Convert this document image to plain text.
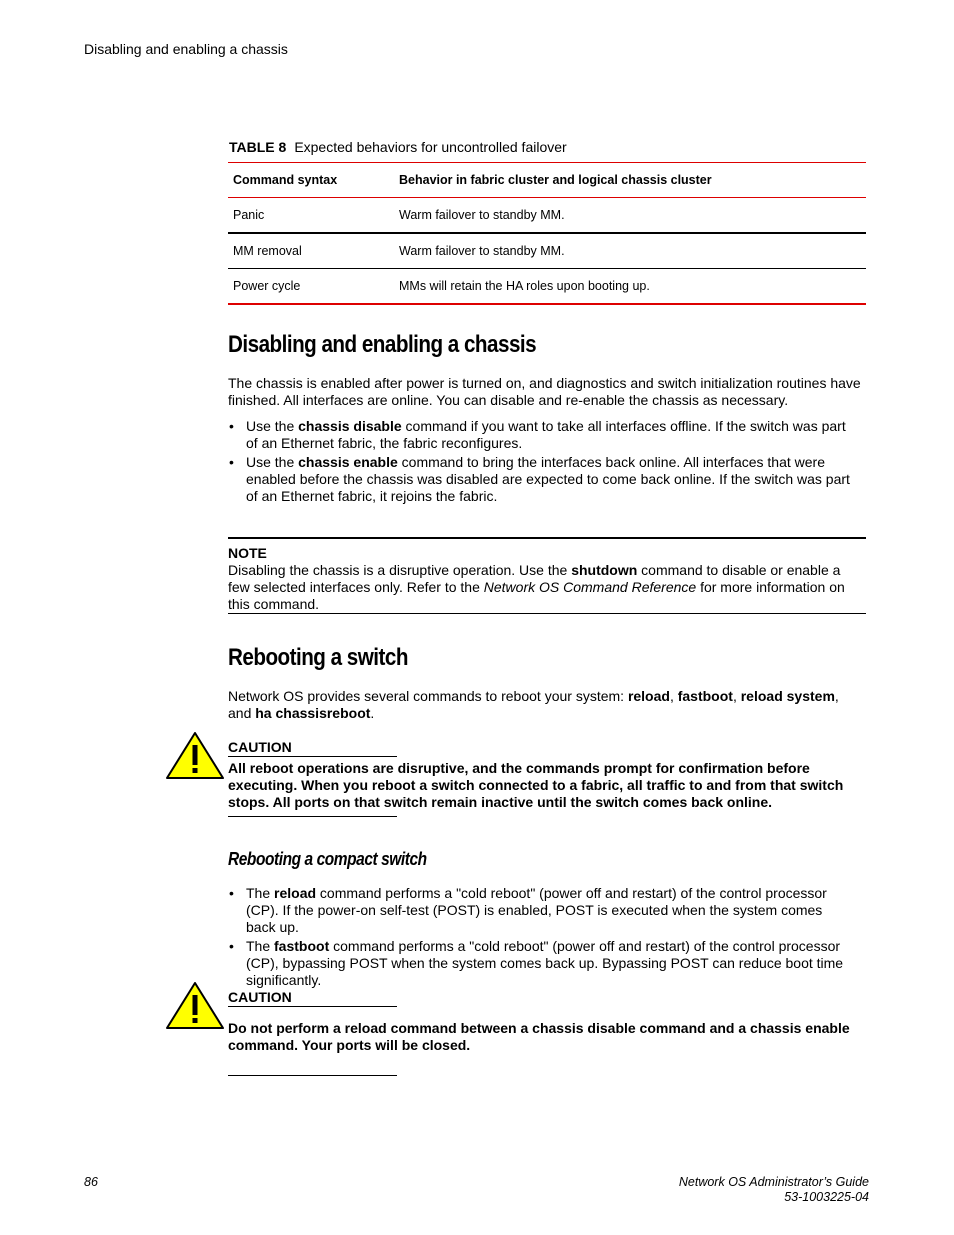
Disabling and enabling a chassis
TABLE 8 Expected behaviors for uncontrolled failover
Command syntax	Behavior in fabric cluster and logical chassis cluster
Panic	Warm failover to standby MM.
MM removal	Warm failover to standby MM.
Power cycle	MMs will retain the HA roles upon booting up.
Disabling and enabling a chassis

The chassis is enabled after power is turned on, and diagnostics and switch initialization routines have finished. All interfaces are online. You can disable and re-enable the chassis as necessary.

• Use the chassis disable command if you want to take all interfaces offline. If the switch was part of an Ethernet fabric, the fabric reconfigures.
• Use the chassis enable command to bring the interfaces back online. All interfaces that were enabled before the chassis was disabled are expected to come back online. If the switch was part of an Ethernet fabric, it rejoins the fabric.
NOTE
Disabling the chassis is a disruptive operation. Use the shutdown command to disable or enable a few selected interfaces only. Refer to the Network OS Command Reference for more information on this command.
Rebooting a switch

Network OS provides several commands to reboot your system: reload, fastboot, reload system, and ha chassisreboot.

CAUTION
All reboot operations are disruptive, and the commands prompt for confirmation before executing. When you reboot a switch connected to a fabric, all traffic to and from that switch stops. All ports on that switch remain inactive until the switch comes back online.
Rebooting a compact switch
• The reload command performs a "cold reboot" (power off and restart) of the control processor (CP). If the power-on self-test (POST) is enabled, POST is executed when the system comes back up.
• The fastboot command performs a "cold reboot" (power off and restart) of the control processor (CP), bypassing POST when the system comes back up. Bypassing POST can reduce boot time significantly.
CAUTION
Do not perform a reload command between a chassis disable command and a chassis enable command. Your ports will be closed.
86	Network OS Administrator’s Guide
53-1003225-04
